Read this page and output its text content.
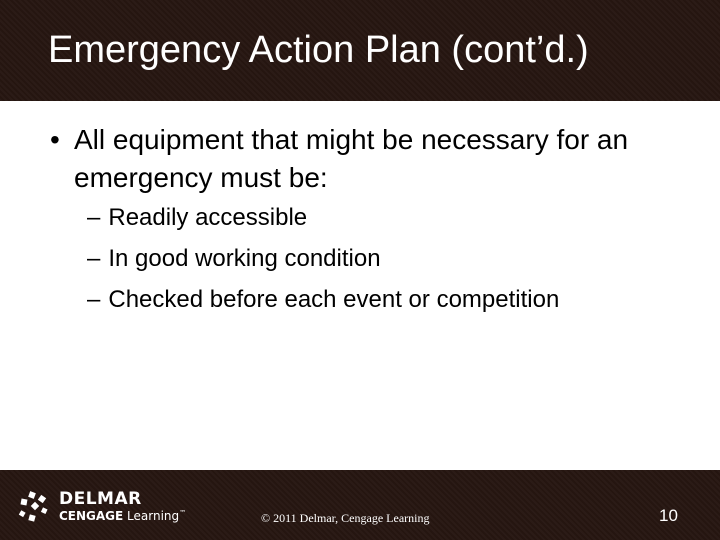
Emergency Action Plan (cont’d.)
• All equipment that might be necessary for an emergency must be:
– Readily accessible
– In good working condition
– Checked before each event or competition
DELMAR
CENGAGE Learning™	© 2011 Delmar, Cengage Learning	10
